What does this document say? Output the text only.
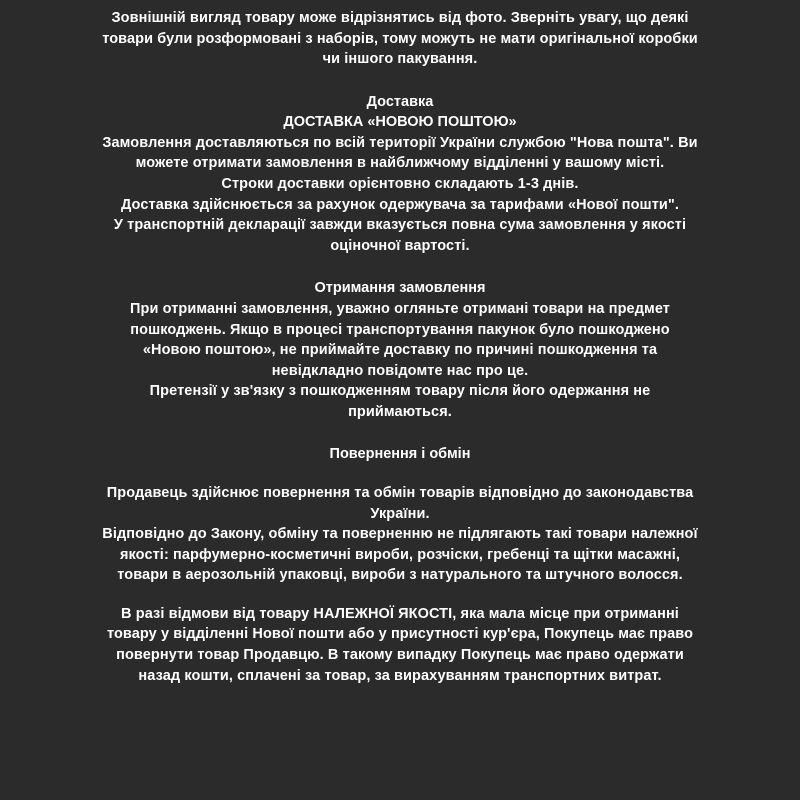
Зовнішній вигляд товару може відрізнятись від фото. Зверніть увагу, що деякі товари були розформовані з наборів, тому можуть не мати оригінальної коробки чи іншого пакування.

Доставка

ДОСТАВКА «НОВОЮ ПОШТОЮ»

Замовлення доставляються по всій території України службою "Нова пошта". Ви можете отримати замовлення в найближчому відділенні у вашому місті.

Строки доставки орієнтовно складають 1-3 днів.

Доставка здійснюється за рахунок одержувача за тарифами «Нової пошти".

У транспортній декларації завжди вказується повна сума замовлення у якості оціночної вартості.

Отримання замовлення

При отриманні замовлення, уважно огляньте отримані товари на предмет пошкоджень. Якщо в процесі транспортування пакунок було пошкоджено «Новою поштою», не приймайте доставку по причині пошкодження та невідкладно повідомте нас про це.

Претензії у зв'язку з пошкодженням товару після його одержання не приймаються.

Повернення і обмін

Продавець здійснює повернення та обмін товарів відповідно до законодавства України.

Відповідно до Закону, обміну та поверненню не підлягають такі товари належної якості: парфумерно-косметичні вироби, розчіски, гребенці та щітки масажні, товари в аерозольній упаковці, вироби з натурального та штучного волосся.

В разі відмови від товару НАЛЕЖНОЇ ЯКОСТІ, яка мала місце при отриманні товару у відділенні Нової пошти або у присутності кур'єра, Покупець має право повернути товар Продавцю. В такому випадку Покупець має право одержати назад кошти, сплачені за товар, за вирахуванням транспортних витрат.
